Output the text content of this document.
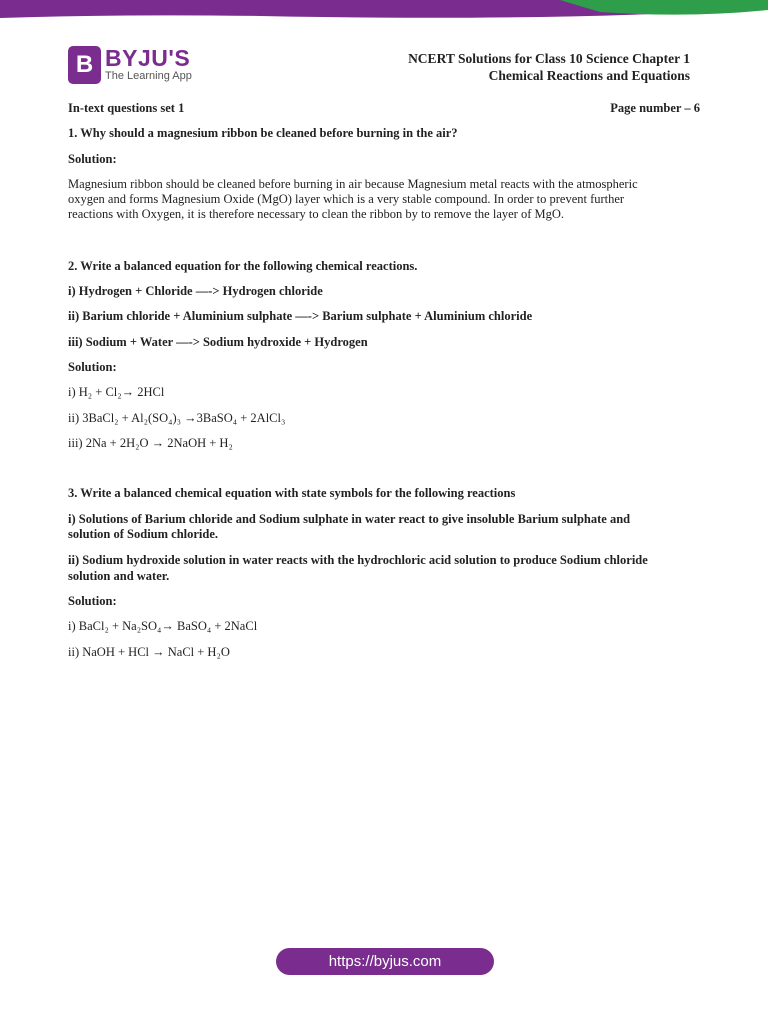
B BYJU'S
The Learning App
NCERT Solutions for Class 10 Science Chapter 1
Chemical Reactions and Equations
In-text questions set 1	Page number – 6
1. Why should a magnesium ribbon be cleaned before burning in the air?
Solution:
Magnesium ribbon should be cleaned before burning in air because Magnesium metal reacts with the atmospheric
oxygen and forms Magnesium Oxide (MgO) layer which is a very stable compound. In order to prevent further
reactions with Oxygen, it is therefore necessary to clean the ribbon by to remove the layer of MgO.
2. Write a balanced equation for the following chemical reactions.
i) Hydrogen + Chloride —-> Hydrogen chloride
ii) Barium chloride + Aluminium sulphate —-> Barium sulphate + Aluminium chloride
iii) Sodium + Water —-> Sodium hydroxide + Hydrogen
Solution:
i) H₂ + Cl₂→ 2HCl
ii) 3BaCl₂ + Al₂(SO₄)₃ →3BaSO₄ + 2AlCl₃
iii) 2Na + 2H₂O → 2NaOH + H₂
3. Write a balanced chemical equation with state symbols for the following reactions
i) Solutions of Barium chloride and Sodium sulphate in water react to give insoluble Barium sulphate and
solution of Sodium chloride.
ii) Sodium hydroxide solution in water reacts with the hydrochloric acid solution to produce Sodium chloride
solution and water.
Solution:
i) BaCl₂ + Na₂SO₄→ BaSO₄ + 2NaCl
ii) NaOH + HCl → NaCl + H₂O
https://byjus.com
